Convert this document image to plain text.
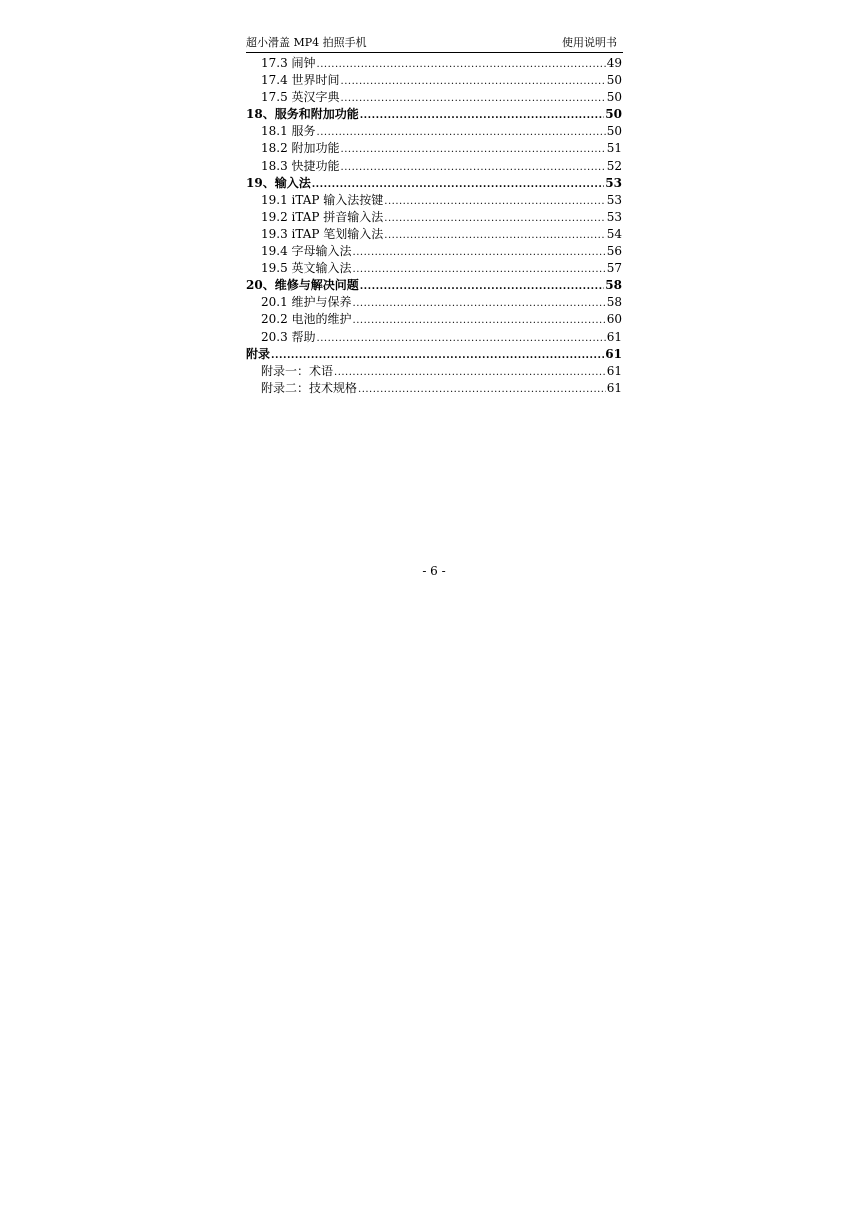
超小滑盖 MP4 拍照手机	使用说明书
17.3 闹钟 .....	49
17.4 世界时间 .....	50
17.5 英汉字典 .....	50
18、服务和附加功能 .....	50
18.1 服务 .....	50
18.2 附加功能 .....	51
18.3 快捷功能 .....	52
19、输入法 .....	53
19.1 iTAP 输入法按键 .....	53
19.2 iTAP 拼音输入法 .....	53
19.3 iTAP 笔划输入法 .....	54
19.4 字母输入法 .....	56
19.5 英文输入法 .....	57
20、维修与解决问题 .....	58
20.1 维护与保养 .....	58
20.2 电池的维护 .....	60
20.3 帮助 .....	61
附录 .....	61
附录一：术语 .....	61
附录二：技术规格 .....	61
- 6 -
